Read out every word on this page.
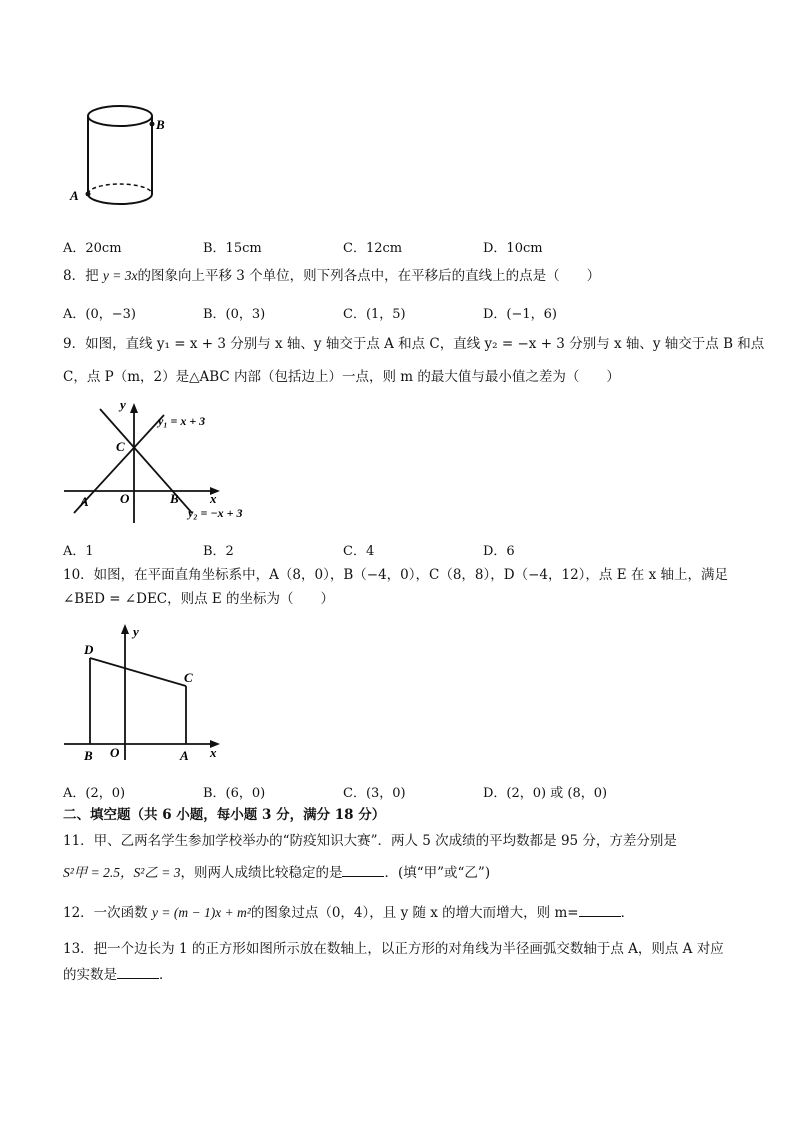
B
A
A．20cm	B．15cm	C．12cm	D．10cm
8．把 y = 3x的图象向上平移 3 个单位，则下列各点中，在平移后的直线上的点是（　　）
A．(0，−3)	B．(0，3)	C．(1，5)	D．(−1，6)
9．如图，直线 y₁ = x + 3 分别与 x 轴、y 轴交于点 A 和点 C，直线 y₂ = −x + 3 分别与 x 轴、y 轴交于点 B 和点
C，点 P（m，2）是△ABC 内部（包括边上）一点，则 m 的最大值与最小值之差为（　　）
y
x
C
A O	B
y₁ = x + 3
y₂ = −x + 3
A．1	B．2	C．4	D．6
10．如图，在平面直角坐标系中，A（8，0），B（−4，0），C（8，8），D（−4，12），点 E 在 x 轴上，满足
∠BED = ∠DEC，则点 E 的坐标为（　　）
y
x
D
C
B O	A
A．(2，0)	B．(6，0)	C．(3，0)	D．(2，0) 或 (8，0)
二、填空题（共 6 小题，每小题 3 分，满分 18 分）
11．甲、乙两名学生参加学校举办的“防疫知识大赛”．两人 5 次成绩的平均数都是 95 分，方差分别是
S²甲 = 2.5，S²乙 = 3，则两人成绩比较稳定的是	．(填“甲”或“乙”)
12．一次函数 y = (m − 1)x + m²的图象过点（0，4），且 y 随 x 的增大而增大，则 m=	．
13．把一个边长为 1 的正方形如图所示放在数轴上，以正方形的对角线为半径画弧交数轴于点 A，则点 A 对应
的实数是	．
